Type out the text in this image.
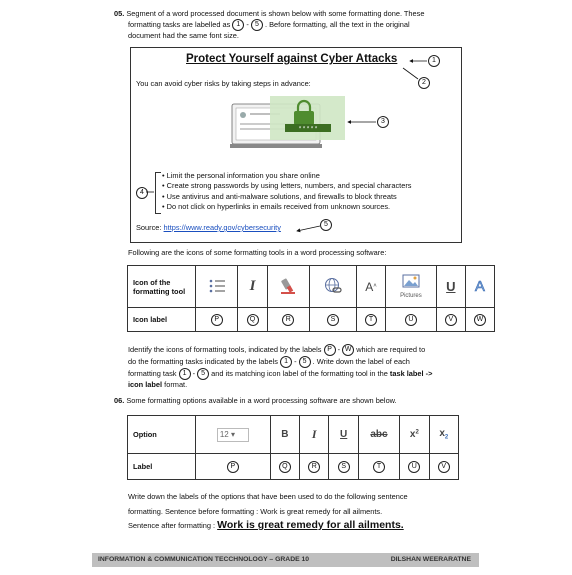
05. Segment of a word processed document is shown below with some formatting done. These
formatting tasks are labelled as 1 - 5 . Before formatting, all the text in the original
document had the same font size.
Protect Yourself against Cyber Attacks
You can avoid cyber risks by taking steps in advance:
* * * * *
• Limit the personal information you share online
• Create strong passwords by using letters, numbers, and special characters
• Use antivirus and anti-malware solutions, and firewalls to block threats
• Do not click on hyperlinks in emails received from unknown sources.
Source: https://www.ready.gov/cybersecurity
1
2
3
4
5
Following are the icons of some formatting tools in a word processing software:
Icon of the
formatting tool		I			A˄	Pictures	U	A
Icon label	P	Q	R	S	T	U	V	W
Identify the icons of formatting tools, indicated by the labels P - W which are required to
do the formatting tasks indicated by the labels 1 - 5 . Write down the label of each
formatting task 1 - 5 and its matching icon label of the formatting tool in the task label ->
icon label format.
06. Some formatting options available in a word processing software are shown below.
Option	12 ▾	B	I	U	abc	$x^2$	$x_2$
Label	P	Q	R	S	T	U	V
Write down the labels of the options that have been used to do the following sentence
formatting. Sentence before formatting : Work is great remedy for all ailments.
Sentence after formatting : Work is great remedy for all ailments.
INFORMATION & COMMUNICATION TECCHNOLOGY – GRADE 10	DILSHAN WEERARATNE
